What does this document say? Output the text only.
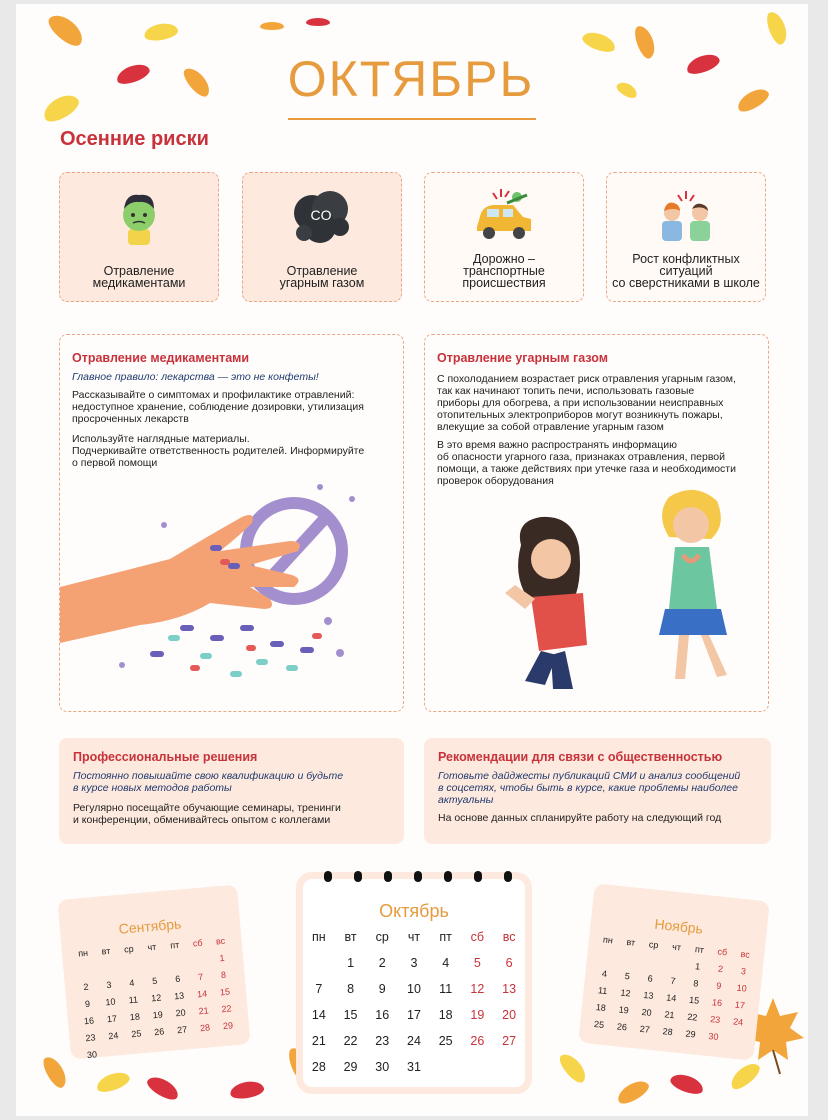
ОКТЯБРЬ
Осенние риски
Отравление
медикаментами
CO
Отравление
угарным газом
Дорожно –
транспортные
происшествия
Рост конфликтных
ситуаций
со сверстниками в школе
Отравление медикаментами
Главное правило: лекарства — это не конфеты!

Рассказывайте о симптомах и профилактике отравлений:
недоступное хранение, соблюдение дозировки, утилизация
просроченных лекарств

Используйте наглядные материалы.
Подчеркивайте ответственность родителей. Информируйте
о первой помощи

Отравление угарным газом

С похолоданием возрастает риск отравления угарным газом,
так как начинают топить печи, использовать газовые
приборы для обогрева, а при использовании неисправных
отопительных электроприборов могут возникнуть пожары,
влекущие за собой отравление угарным газом

В это время важно распространять информацию
об опасности угарного газа, признаках отравления, первой
помощи, а также действиях при утечке газа и необходимости
проверок оборудования

Профессиональные решения
Постоянно повышайте свою квалификацию и будьте
в курсе новых методов работы

Регулярно посещайте обучающие семинары, тренинги
и конференции, обменивайтесь опытом с коллегами

Рекомендации для связи с общественностью
Готовьте дайджесты публикаций СМИ и анализ сообщений
в соцсетях, чтобы быть в курсе, какие проблемы наиболее
актуальны

На основе данных спланируйте работу на следующий год

Сентябрь
пн	вт	ср	чт	пт	сб	вс
						1
2	3	4	5	6	7	8
9	10	11	12	13	14	15
16	17	18	19	20	21	22
23	24	25	26	27	28	29
30						
Октябрь
пн	вт	ср	чт	пт	сб	вс
	1	2	3	4	5	6
7	8	9	10	11	12	13
14	15	16	17	18	19	20
21	22	23	24	25	26	27
28	29	30	31			
Ноябрь
пн	вт	ср	чт	пт	сб	вс
				1	2	3
4	5	6	7	8	9	10
11	12	13	14	15	16	17
18	19	20	21	22	23	24
25	26	27	28	29	30	
